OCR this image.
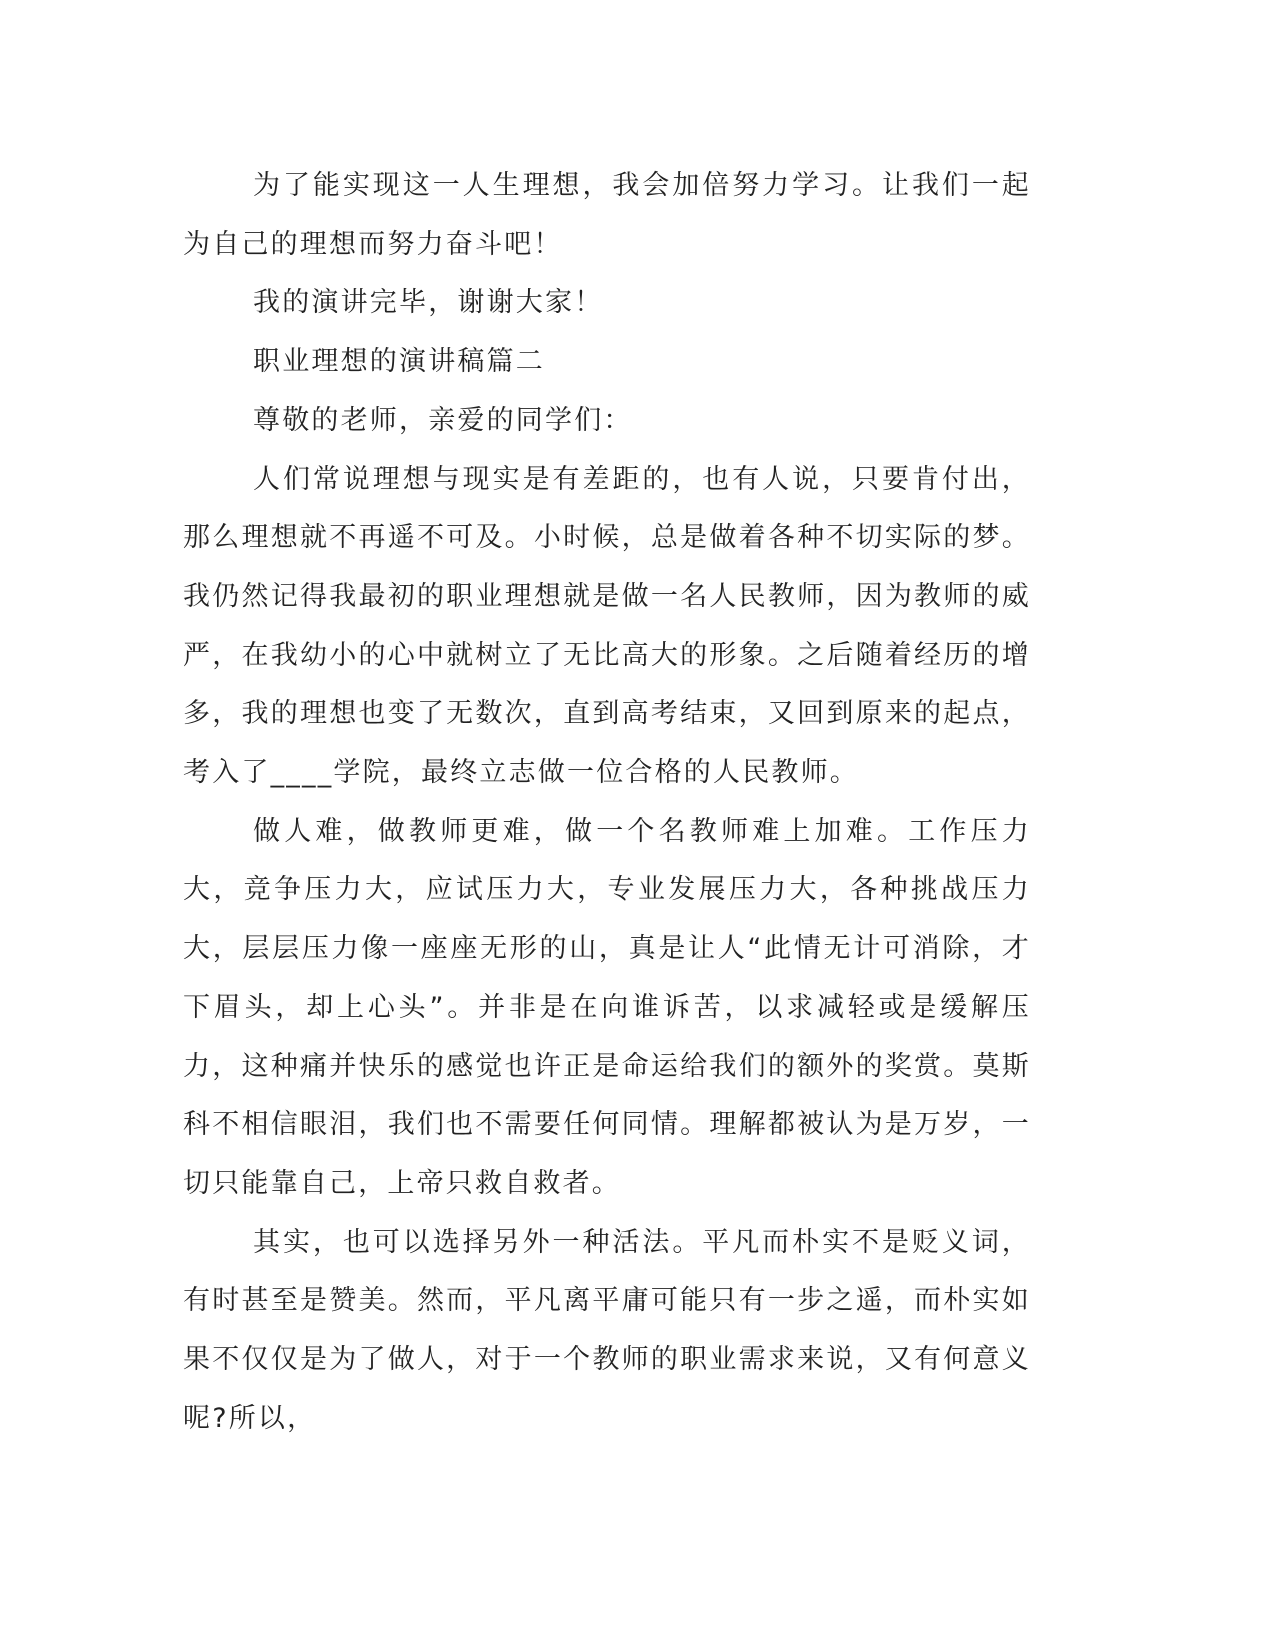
为了能实现这一人生理想，我会加倍努力学习。让我们一起为自己的理想而努力奋斗吧！

我的演讲完毕，谢谢大家！

职业理想的演讲稿篇二

尊敬的老师，亲爱的同学们：

人们常说理想与现实是有差距的，也有人说，只要肯付出，那么理想就不再遥不可及。小时候，总是做着各种不切实际的梦。我仍然记得我最初的职业理想就是做一名人民教师，因为教师的威严，在我幼小的心中就树立了无比高大的形象。之后随着经历的增多，我的理想也变了无数次，直到高考结束，又回到原来的起点，考入了____学院，最终立志做一位合格的人民教师。

做人难，做教师更难，做一个名教师难上加难。工作压力大，竞争压力大，应试压力大，专业发展压力大，各种挑战压力大，层层压力像一座座无形的山，真是让人“此情无计可消除，才下眉头，却上心头”。并非是在向谁诉苦，以求减轻或是缓解压力，这种痛并快乐的感觉也许正是命运给我们的额外的奖赏。莫斯科不相信眼泪，我们也不需要任何同情。理解都被认为是万岁，一切只能靠自己，上帝只救自救者。

其实，也可以选择另外一种活法。平凡而朴实不是贬义词，有时甚至是赞美。然而，平凡离平庸可能只有一步之遥，而朴实如果不仅仅是为了做人，对于一个教师的职业需求来说，又有何意义呢?所以，
